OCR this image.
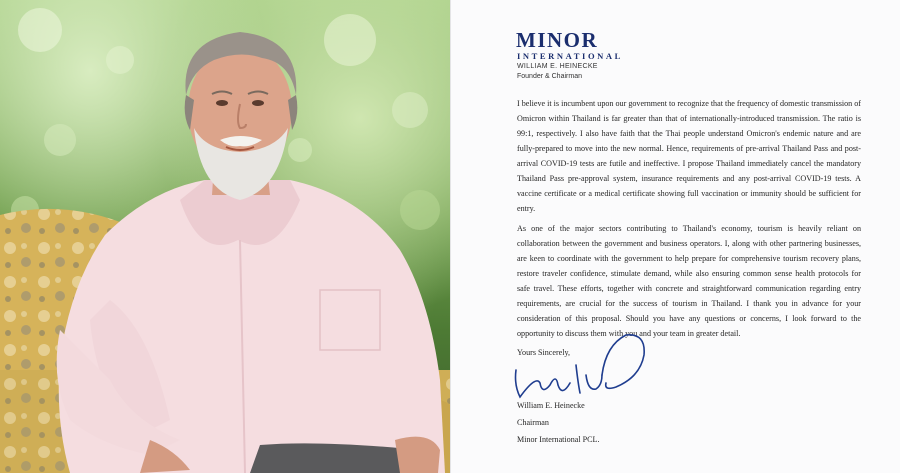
MINOR
INTERNATIONAL
WILLIAM E. HEINECKE
Founder & Chairman

I believe it is incumbent upon our government to recognize that the frequency of domestic transmission of Omicron within Thailand is far greater than that of internationally-introduced transmission. The ratio is 99:1, respectively. I also have faith that the Thai people understand Omicron's endemic nature and are fully-prepared to move into the new normal. Hence, requirements of pre-arrival Thailand Pass and post-arrival COVID-19 tests are futile and ineffective. I propose Thailand immediately cancel the mandatory Thailand Pass pre-approval system, insurance requirements and any post-arrival COVID-19 tests. A vaccine certificate or a medical certificate showing full vaccination or immunity should be sufficient for entry.

As one of the major sectors contributing to Thailand's economy, tourism is heavily reliant on collaboration between the government and business operators. I, along with other partnering businesses, are keen to coordinate with the government to help prepare for comprehensive tourism recovery plans, restore traveler confidence, stimulate demand, while also ensuring common sense health protocols for safe travel. These efforts, together with concrete and straightforward communication regarding entry requirements, are crucial for the success of tourism in Thailand. I thank you in advance for your consideration of this proposal. Should you have any questions or concerns, I look forward to the opportunity to discuss them with you and your team in greater detail.

Yours Sincerely,
William E. Heinecke
Chairman
Minor International PCL.
